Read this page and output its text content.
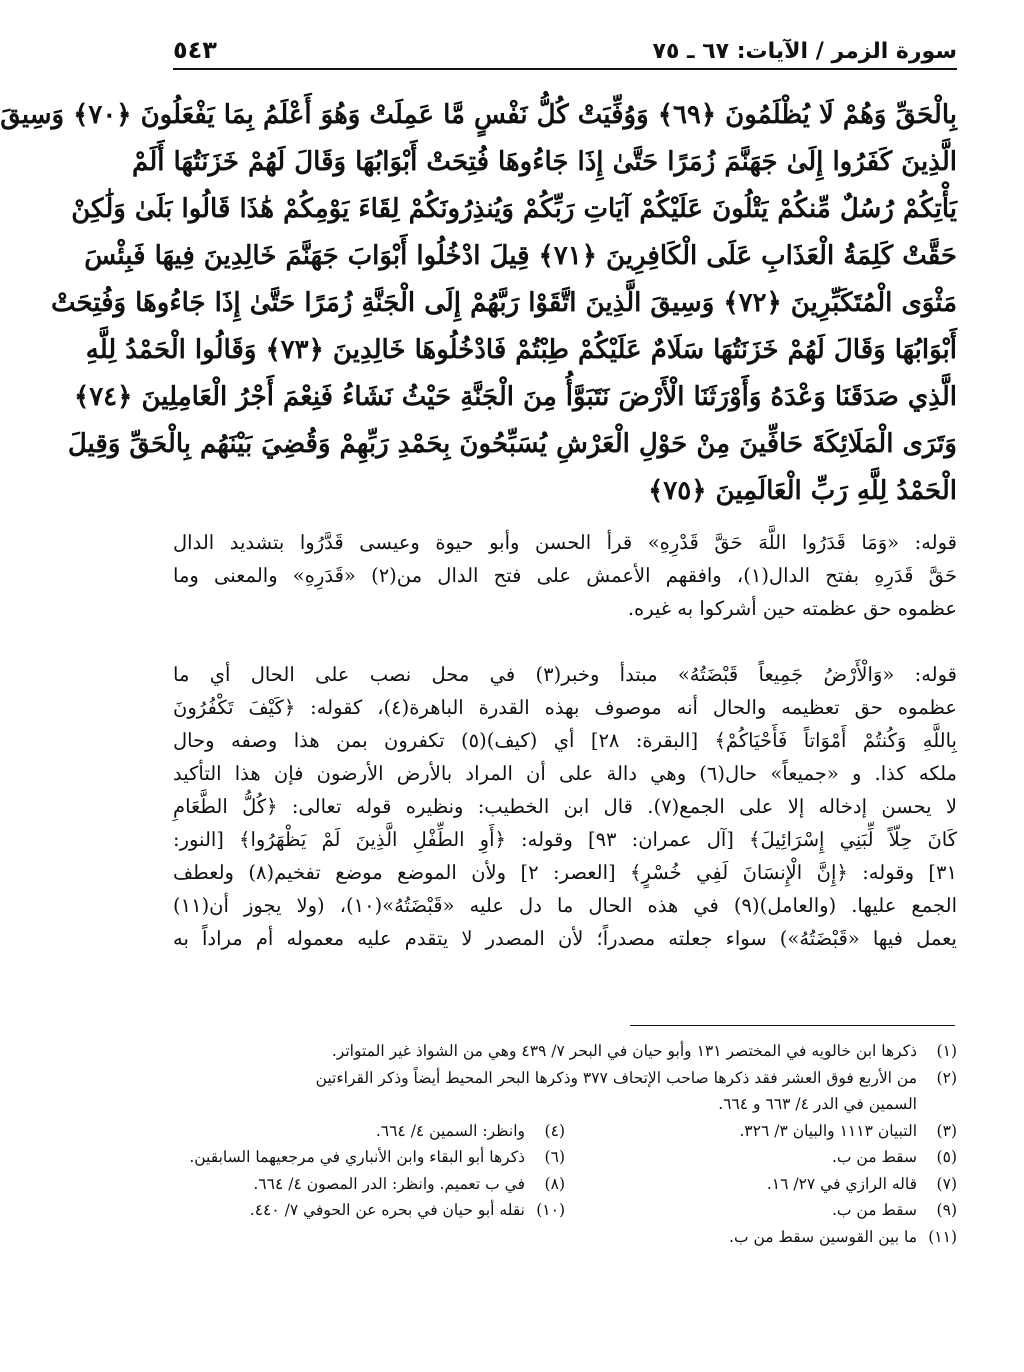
سورة الزمر / الآيات: ٦٧ ـ ٧٥
٥٤٣
بِالْحَقِّ وَهُمْ لَا يُظْلَمُونَ ﴿٦٩﴾ وَوُفِّيَتْ كُلُّ نَفْسٍ مَّا عَمِلَتْ وَهُوَ أَعْلَمُ بِمَا يَفْعَلُونَ ﴿٧٠﴾ وَسِيقَ
الَّذِينَ كَفَرُوا إِلَىٰ جَهَنَّمَ زُمَرًا حَتَّىٰ إِذَا جَاءُوهَا فُتِحَتْ أَبْوَابُهَا وَقَالَ لَهُمْ خَزَنَتُهَا أَلَمْ
يَأْتِكُمْ رُسُلٌ مِّنكُمْ يَتْلُونَ عَلَيْكُمْ آيَاتِ رَبِّكُمْ وَيُنذِرُونَكُمْ لِقَاءَ يَوْمِكُمْ هَٰذَا قَالُوا بَلَىٰ وَلَٰكِنْ
حَقَّتْ كَلِمَةُ الْعَذَابِ عَلَى الْكَافِرِينَ ﴿٧١﴾ قِيلَ ادْخُلُوا أَبْوَابَ جَهَنَّمَ خَالِدِينَ فِيهَا فَبِئْسَ
مَثْوَى الْمُتَكَبِّرِينَ ﴿٧٢﴾ وَسِيقَ الَّذِينَ اتَّقَوْا رَبَّهُمْ إِلَى الْجَنَّةِ زُمَرًا حَتَّىٰ إِذَا جَاءُوهَا وَفُتِحَتْ
أَبْوَابُهَا وَقَالَ لَهُمْ خَزَنَتُهَا سَلَامٌ عَلَيْكُمْ طِبْتُمْ فَادْخُلُوهَا خَالِدِينَ ﴿٧٣﴾ وَقَالُوا الْحَمْدُ لِلَّهِ
الَّذِي صَدَقَنَا وَعْدَهُ وَأَوْرَثَنَا الْأَرْضَ نَتَبَوَّأُ مِنَ الْجَنَّةِ حَيْثُ نَشَاءُ فَنِعْمَ أَجْرُ الْعَامِلِينَ ﴿٧٤﴾
وَتَرَى الْمَلَائِكَةَ حَافِّينَ مِنْ حَوْلِ الْعَرْشِ يُسَبِّحُونَ بِحَمْدِ رَبِّهِمْ وَقُضِيَ بَيْنَهُم بِالْحَقِّ وَقِيلَ
الْحَمْدُ لِلَّهِ رَبِّ الْعَالَمِينَ ﴿٧٥﴾
قوله: «وَمَا قَدَرُوا اللَّهَ حَقَّ قَدْرِهِ» قرأ الحسن وأبو حيوة وعيسى قَدَّرُوا بتشديد الدال
حَقَّ قَدَرِهِ بفتح الدال(١)، وافقهم الأعمش على فتح الدال من(٢) «قَدَرِهِ» والمعنى وما
عظموه حق عظمته حين أشركوا به غيره.
قوله: «وَالْأَرْضُ جَمِيعاً قَبْضَتُهُ» مبتدأ وخبر(٣) في محل نصب على الحال أي ما
عظموه حق تعظيمه والحال أنه موصوف بهذه القدرة الباهرة(٤)، كقوله: ﴿كَيْفَ تَكْفُرُونَ
بِاللَّهِ وَكُنتُمْ أَمْوَاتاً فَأَحْيَاكُمْ﴾ [البقرة: ٢٨] أي (كيف)(٥) تكفرون بمن هذا وصفه وحال
ملكه كذا. و «جميعاً» حال(٦) وهي دالة على أن المراد بالأرض الأرضون فإن هذا التأكيد
لا يحسن إدخاله إلا على الجمع(٧). قال ابن الخطيب: ونظيره قوله تعالى: ﴿كُلُّ الطَّعَامِ
كَانَ حِلّاً لِّبَنِي إِسْرَائِيلَ﴾ [آل عمران: ٩٣] وقوله: ﴿أَوِ الطِّفْلِ الَّذِينَ لَمْ يَظْهَرُوا﴾ [النور:
٣١] وقوله: ﴿إِنَّ الْإِنسَانَ لَفِي خُسْرٍ﴾ [العصر: ٢] ولأن الموضع موضع تفخيم(٨) ولعطف
الجمع عليها. (والعامل)(٩) في هذه الحال ما دل عليه «قَبْضَتُهُ»(١٠)، (ولا يجوز أن(١١)
يعمل فيها «قَبْضَتُهُ») سواء جعلته مصدراً؛ لأن المصدر لا يتقدم عليه معموله أم مراداً به
(١)
ذكرها ابن خالويه في المختصر ١٣١ وأبو حيان في البحر ٧/ ٤٣٩ وهي من الشواذ غير المتواتر.
(٢)
من الأربع فوق العشر فقد ذكرها صاحب الإتحاف ٣٧٧ وذكرها البحر المحيط أيضاً وذكر القراءتين
السمين في الدر ٤/ ٦٦٣ و ٦٦٤.
(٣)
التبيان ١١١٣ والبيان ٣/ ٣٢٦.
(٤)
وانظر: السمين ٤/ ٦٦٤.
(٥)
سقط من ب.
(٦)
ذكرها أبو البقاء وابن الأنباري في مرجعيهما السابقين.
(٧)
قاله الرازي في ٢٧/ ١٦.
(٨)
في ب تعميم. وانظر: الدر المصون ٤/ ٦٦٤.
(٩)
سقط من ب.
(١٠)
نقله أبو حيان في بحره عن الحوفي ٧/ ٤٤٠.
(١١)
ما بين القوسين سقط من ب.
